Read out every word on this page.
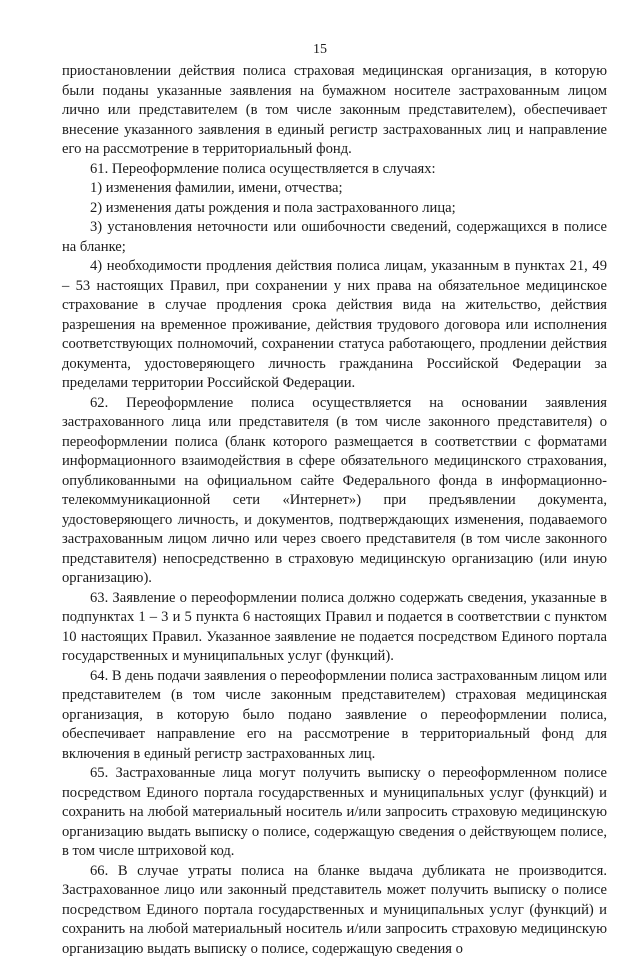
15

приостановлении действия полиса страховая медицинская организация, в которую были поданы указанные заявления на бумажном носителе застрахованным лицом лично или представителем (в том числе законным представителем), обеспечивает внесение указанного заявления в единый регистр застрахованных лиц и направление его на рассмотрение в территориальный фонд.

61. Переоформление полиса осуществляется в случаях:

1) изменения фамилии, имени, отчества;

2) изменения даты рождения и пола застрахованного лица;

3) установления неточности или ошибочности сведений, содержащихся в полисе на бланке;

4) необходимости продления действия полиса лицам, указанным в пунктах 21, 49 – 53 настоящих Правил, при сохранении у них права на обязательное медицинское страхование в случае продления срока действия вида на жительство, действия разрешения на временное проживание, действия трудового договора или исполнения соответствующих полномочий, сохранении статуса работающего, продлении действия документа, удостоверяющего личность гражданина Российской Федерации за пределами территории Российской Федерации.

62. Переоформление полиса осуществляется на основании заявления застрахованного лица или представителя (в том числе законного представителя) о переоформлении полиса (бланк которого размещается в соответствии с форматами информационного взаимодействия в сфере обязательного медицинского страхования, опубликованными на официальном сайте Федерального фонда в информационно-телекоммуникационной сети «Интернет») при предъявлении документа, удостоверяющего личность, и документов, подтверждающих изменения, подаваемого застрахованным лицом лично или через своего представителя (в том числе законного представителя) непосредственно в страховую медицинскую организацию (или иную организацию).

63. Заявление о переоформлении полиса должно содержать сведения, указанные в подпунктах 1 – 3 и 5 пункта 6 настоящих Правил и подается в соответствии с пунктом 10 настоящих Правил. Указанное заявление не подается посредством Единого портала государственных и муниципальных услуг (функций).

64. В день подачи заявления о переоформлении полиса застрахованным лицом или представителем (в том числе законным представителем) страховая медицинская организация, в которую было подано заявление о переоформлении полиса, обеспечивает направление его на рассмотрение в территориальный фонд для включения в единый регистр застрахованных лиц.

65. Застрахованные лица могут получить выписку о переоформленном полисе посредством Единого портала государственных и муниципальных услуг (функций) и сохранить на любой материальный носитель и/или запросить страховую медицинскую организацию выдать выписку о полисе, содержащую сведения о действующем полисе, в том числе штриховой код.

66. В случае утраты полиса на бланке выдача дубликата не производится. Застрахованное лицо или законный представитель может получить выписку о полисе посредством Единого портала государственных и муниципальных услуг (функций) и сохранить на любой материальный носитель и/или запросить страховую медицинскую организацию выдать выписку о полисе, содержащую сведения о
